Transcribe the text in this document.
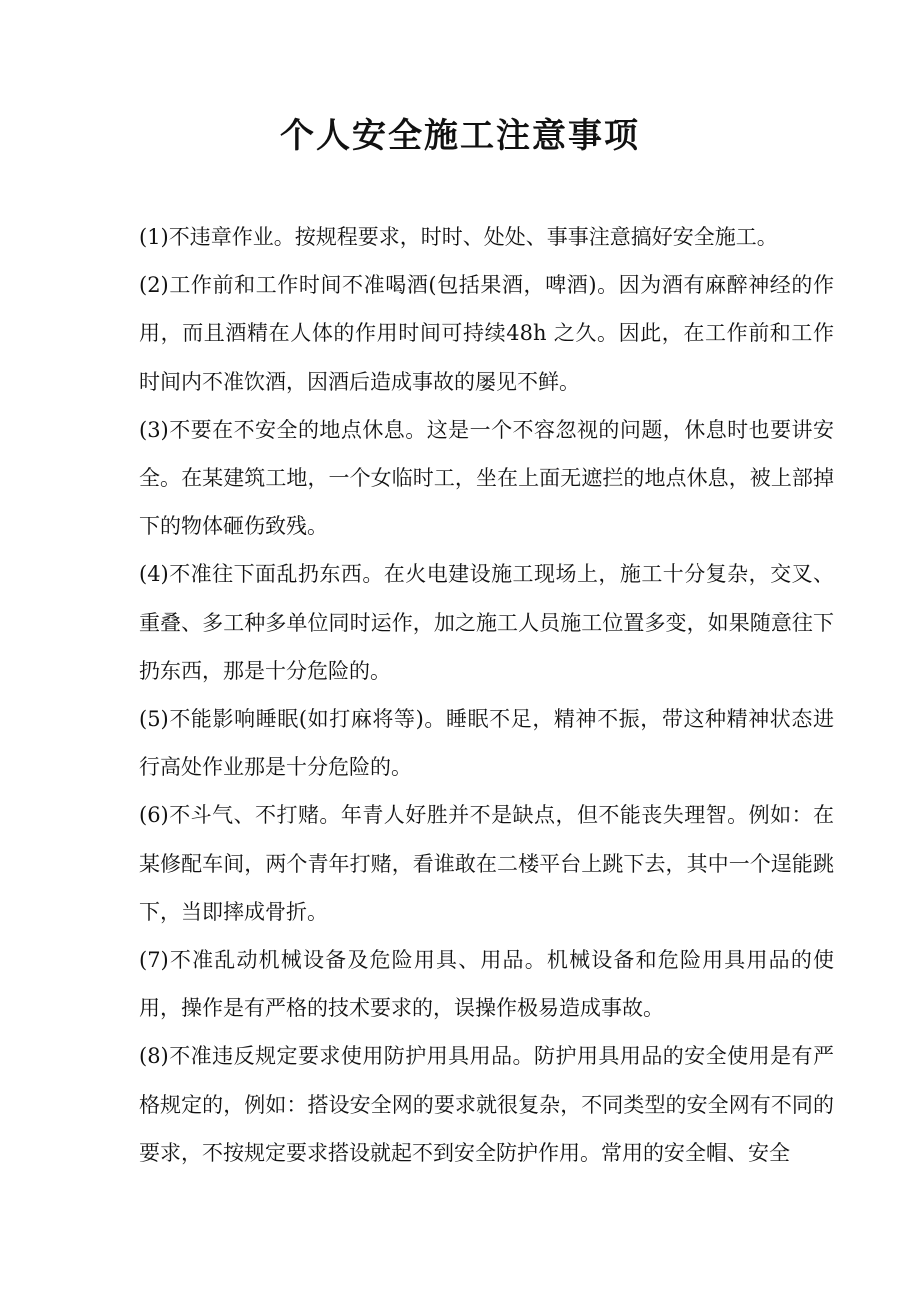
个人安全施工注意事项

(1)不违章作业。按规程要求，时时、处处、事事注意搞好安全施工。

(2)工作前和工作时间不准喝酒(包括果酒，啤酒)。因为酒有麻醉神经的作用，而且酒精在人体的作用时间可持续48h 之久。因此，在工作前和工作时间内不准饮酒，因酒后造成事故的屡见不鲜。

(3)不要在不安全的地点休息。这是一个不容忽视的问题，休息时也要讲安全。在某建筑工地，一个女临时工，坐在上面无遮拦的地点休息，被上部掉下的物体砸伤致残。

(4)不准往下面乱扔东西。在火电建设施工现场上，施工十分复杂，交叉、重叠、多工种多单位同时运作，加之施工人员施工位置多变，如果随意往下扔东西，那是十分危险的。

(5)不能影响睡眠(如打麻将等)。睡眠不足，精神不振，带这种精神状态进行高处作业那是十分危险的。

(6)不斗气、不打赌。年青人好胜并不是缺点，但不能丧失理智。例如：在某修配车间，两个青年打赌，看谁敢在二楼平台上跳下去，其中一个逞能跳下，当即摔成骨折。

(7)不准乱动机械设备及危险用具、用品。机械设备和危险用具用品的使用，操作是有严格的技术要求的，误操作极易造成事故。

(8)不准违反规定要求使用防护用具用品。防护用具用品的安全使用是有严格规定的，例如：搭设安全网的要求就很复杂，不同类型的安全网有不同的要求，不按规定要求搭设就起不到安全防护作用。常用的安全帽、安全
